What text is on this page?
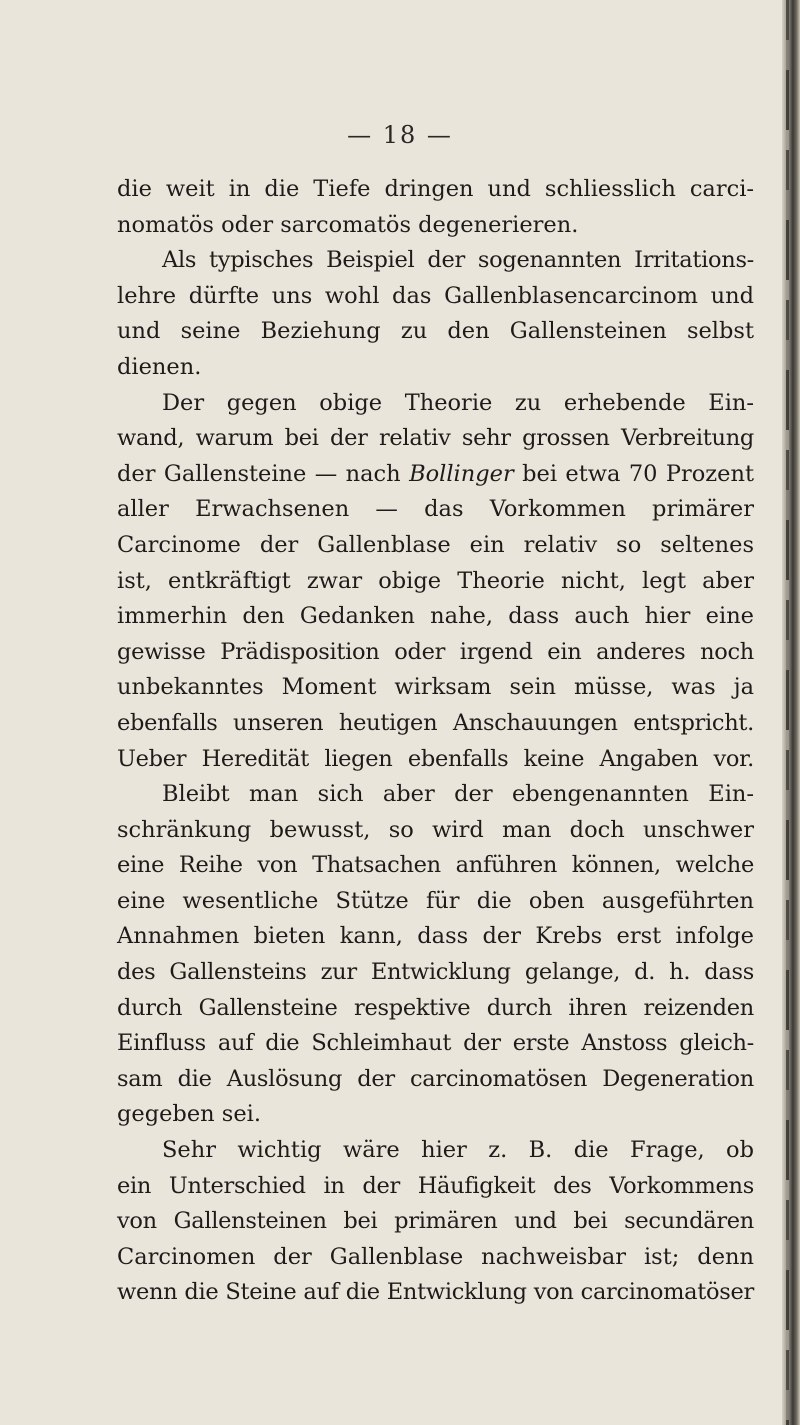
— 18 —
die weit in die Tiefe dringen und schliesslich carci-
nomatös oder sarcomatös degenerieren.
Als typisches Beispiel der sogenannten Irritations-
lehre dürfte uns wohl das Gallenblasencarcinom und
und seine Beziehung zu den Gallensteinen selbst
dienen.
Der gegen obige Theorie zu erhebende Ein-
wand, warum bei der relativ sehr grossen Verbreitung
der Gallensteine — nach Bollinger bei etwa 70 Prozent
aller Erwachsenen — das Vorkommen primärer
Carcinome der Gallenblase ein relativ so seltenes
ist, entkräftigt zwar obige Theorie nicht, legt aber
immerhin den Gedanken nahe, dass auch hier eine
gewisse Prädisposition oder irgend ein anderes noch
unbekanntes Moment wirksam sein müsse, was ja
ebenfalls unseren heutigen Anschauungen entspricht.
Ueber Heredität liegen ebenfalls keine Angaben vor.
Bleibt man sich aber der ebengenannten Ein-
schränkung bewusst, so wird man doch unschwer
eine Reihe von Thatsachen anführen können, welche
eine wesentliche Stütze für die oben ausgeführten
Annahmen bieten kann, dass der Krebs erst infolge
des Gallensteins zur Entwicklung gelange, d. h. dass
durch Gallensteine respektive durch ihren reizenden
Einfluss auf die Schleimhaut der erste Anstoss gleich-
sam die Auslösung der carcinomatösen Degeneration
gegeben sei.
Sehr wichtig wäre hier z. B. die Frage, ob
ein Unterschied in der Häufigkeit des Vorkommens
von Gallensteinen bei primären und bei secundären
Carcinomen der Gallenblase nachweisbar ist; denn
wenn die Steine auf die Entwicklung von carcinomatöser
